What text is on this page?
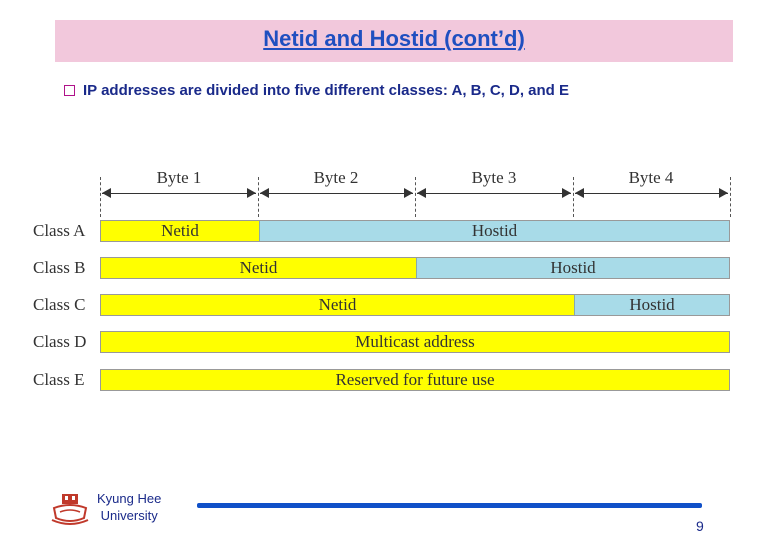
Netid and Hostid (cont’d)
IP addresses are divided into five different classes: A, B, C, D, and E
Byte 1	Byte 2	Byte 3	Byte 4
Class A	Netid	Hostid
Class B	Netid	Hostid
Class C	Netid	Hostid
Class D	Multicast address
Class E	Reserved for future use
Kyung Hee
University
9
